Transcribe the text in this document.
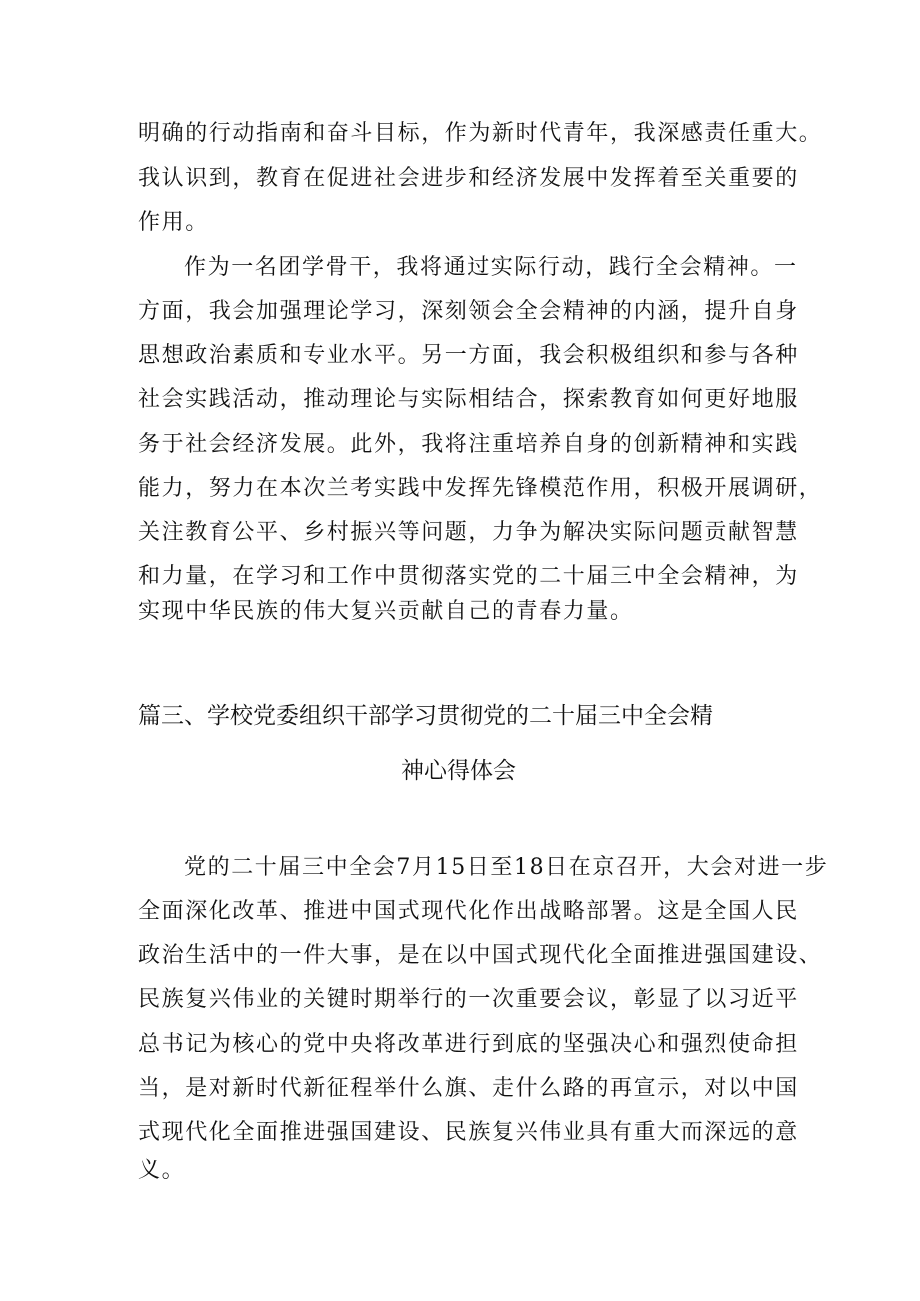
明确的行动指南和奋斗目标，作为新时代青年，我深感责任重大。
我认识到，教育在促进社会进步和经济发展中发挥着至关重要的
作用。
作为一名团学骨干，我将通过实际行动，践行全会精神。一
方面，我会加强理论学习，深刻领会全会精神的内涵，提升自身
思想政治素质和专业水平。另一方面，我会积极组织和参与各种
社会实践活动，推动理论与实际相结合，探索教育如何更好地服
务于社会经济发展。此外，我将注重培养自身的创新精神和实践
能力，努力在本次兰考实践中发挥先锋模范作用，积极开展调研，
关注教育公平、乡村振兴等问题，力争为解决实际问题贡献智慧
和力量，在学习和工作中贯彻落实党的二十届三中全会精神，为
实现中华民族的伟大复兴贡献自己的青春力量。
篇三、学校党委组织干部学习贯彻党的二十届三中全会精
神心得体会
党的二十届三中全会7月15日至18日在京召开，大会对进一步
全面深化改革、推进中国式现代化作出战略部署。这是全国人民
政治生活中的一件大事，是在以中国式现代化全面推进强国建设、
民族复兴伟业的关键时期举行的一次重要会议，彰显了以习近平
总书记为核心的党中央将改革进行到底的坚强决心和强烈使命担
当，是对新时代新征程举什么旗、走什么路的再宣示，对以中国
式现代化全面推进强国建设、民族复兴伟业具有重大而深远的意
义。
